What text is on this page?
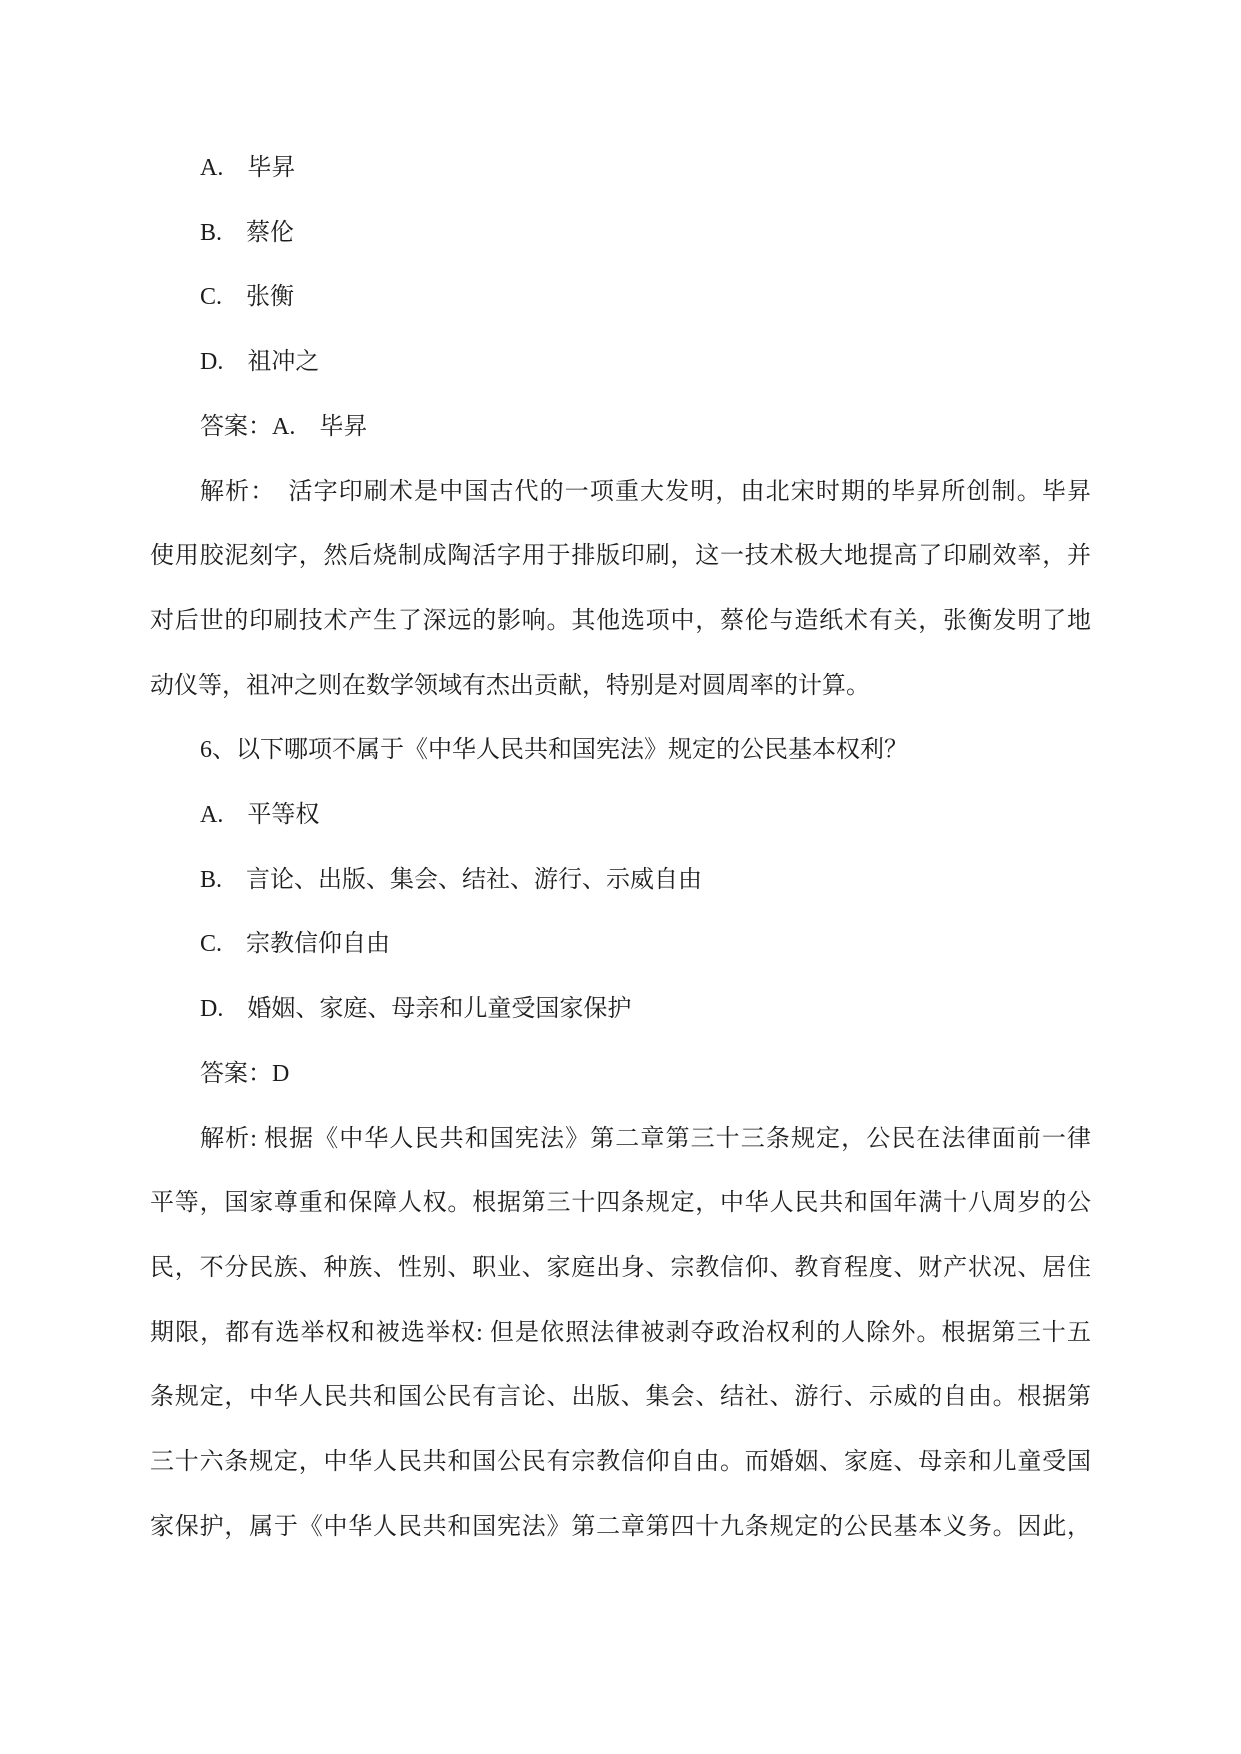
A.　毕昇
B.　蔡伦
C.　张衡
D.　祖冲之
答案：A.　毕昇
解析：　活字印刷术是中国古代的一项重大发明，由北宋时期的毕昇所创制。毕昇
使用胶泥刻字，然后烧制成陶活字用于排版印刷，这一技术极大地提高了印刷效率，并
对后世的印刷技术产生了深远的影响。其他选项中，蔡伦与造纸术有关，张衡发明了地
动仪等，祖冲之则在数学领域有杰出贡献，特别是对圆周率的计算。
6、以下哪项不属于《中华人民共和国宪法》规定的公民基本权利？
A.　平等权
B.　言论、出版、集会、结社、游行、示威自由
C.　宗教信仰自由
D.　婚姻、家庭、母亲和儿童受国家保护
答案：D
解析: 根据《中华人民共和国宪法》第二章第三十三条规定，公民在法律面前一律
平等，国家尊重和保障人权。根据第三十四条规定，中华人民共和国年满十八周岁的公
民，不分民族、种族、性别、职业、家庭出身、宗教信仰、教育程度、财产状况、居住
期限，都有选举权和被选举权: 但是依照法律被剥夺政治权利的人除外。根据第三十五
条规定，中华人民共和国公民有言论、出版、集会、结社、游行、示威的自由。根据第
三十六条规定，中华人民共和国公民有宗教信仰自由。而婚姻、家庭、母亲和儿童受国
家保护，属于《中华人民共和国宪法》第二章第四十九条规定的公民基本义务。因此，
